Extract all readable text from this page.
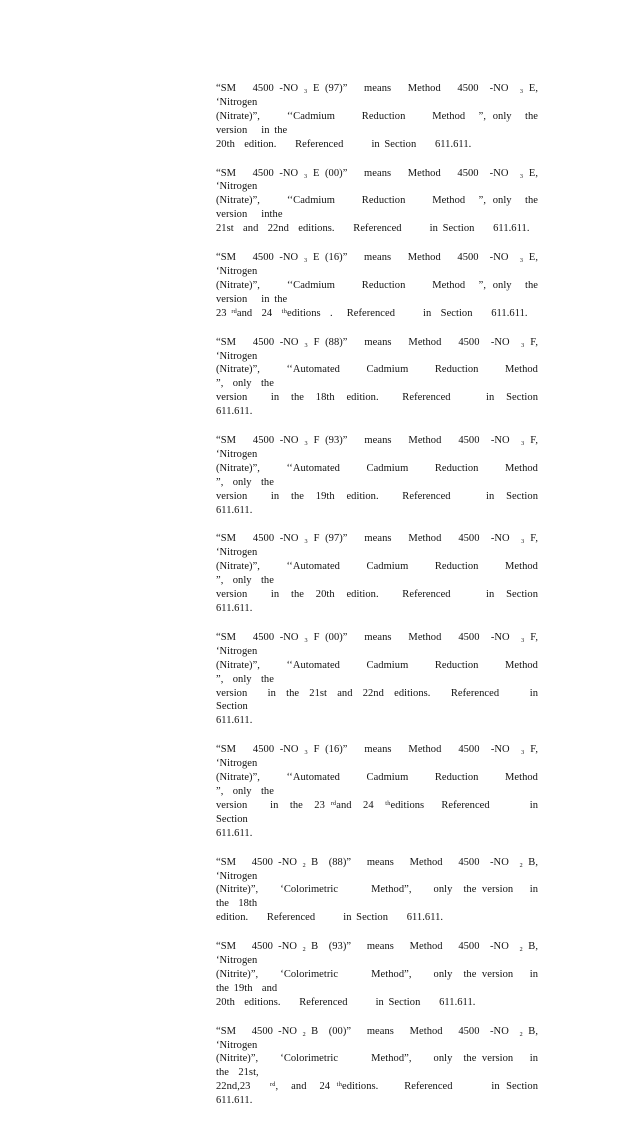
“SM   4500 -NO ₃ E (97)”   means   Method   4500  -NO  ₃ E,  ‘Nitrogen
(Nitrate)”,    ‘‘Cadmium    Reduction    Method  ”, only  the version   in the
20th  edition.    Referenced      in Section    611.611.
“SM   4500 -NO ₃ E (00)”   means   Method   4500  -NO  ₃ E,  ‘Nitrogen
(Nitrate)”,    ‘‘Cadmium    Reduction    Method  ”, only  the version   inthe
21st  and  22nd  editions.    Referenced      in Section    611.611.
“SM   4500 -NO ₃ E (16)”   means   Method   4500  -NO  ₃ E,  ‘Nitrogen
(Nitrate)”,    ‘‘Cadmium    Reduction    Method  ”, only  the version   in the
23 ʳᵈand  24  ᵗʰeditions  .   Referenced      in  Section    611.611.
“SM   4500 -NO ₃ F (88)”   means   Method   4500  -NO  ₃ F,  ‘Nitrogen
(Nitrate)”,     ‘‘Automated     Cadmium     Reduction     Method  ”,  only  the
version    in  the  18th  edition.    Referenced      in  Section    611.611.
“SM   4500 -NO ₃ F (93)”   means   Method   4500  -NO  ₃ F,  ‘Nitrogen
(Nitrate)”,     ‘‘Automated     Cadmium     Reduction     Method  ”,  only  the
version    in  the  19th  edition.    Referenced      in  Section    611.611.
“SM   4500 -NO ₃ F (97)”   means   Method   4500  -NO  ₃ F,  ‘Nitrogen
(Nitrate)”,     ‘‘Automated     Cadmium     Reduction     Method  ”,  only  the
version    in  the  20th  edition.    Referenced      in  Section    611.611.
“SM   4500 -NO ₃ F (00)”   means   Method   4500  -NO  ₃ F,  ‘Nitrogen
(Nitrate)”,     ‘‘Automated     Cadmium     Reduction     Method  ”,  only  the
version    in  the  21st  and  22nd  editions.    Referenced      in  Section
611.611.
“SM   4500 -NO ₃ F (16)”   means   Method   4500  -NO  ₃ F,  ‘Nitrogen
(Nitrate)”,     ‘‘Automated     Cadmium     Reduction     Method  ”,  only  the
version    in  the  23 ʳᵈand  24  ᵗʰeditions   Referenced       in  Section
611.611.
“SM   4500 -NO ₂ B  (88)”   means   Method   4500  -NO  ₂ B,   ‘Nitrogen
(Nitrite)”,    ‘Colorimetric      Method”,    only  the version   in the  18th
edition.    Referenced      in Section    611.611.
“SM   4500 -NO ₂ B  (93)”   means   Method   4500  -NO  ₂ B,   ‘Nitrogen
(Nitrite)”,    ‘Colorimetric      Method”,    only  the version   in the 19th  and
20th  editions.    Referenced      in Section    611.611.
“SM   4500 -NO ₂ B  (00)”   means   Method   4500  -NO  ₂ B,   ‘Nitrogen
(Nitrite)”,    ‘Colorimetric      Method”,    only  the version   in the  21st,
22nd,23   ʳᵈ,  and  24 ᵗʰeditions.    Referenced      in Section    611.611.
